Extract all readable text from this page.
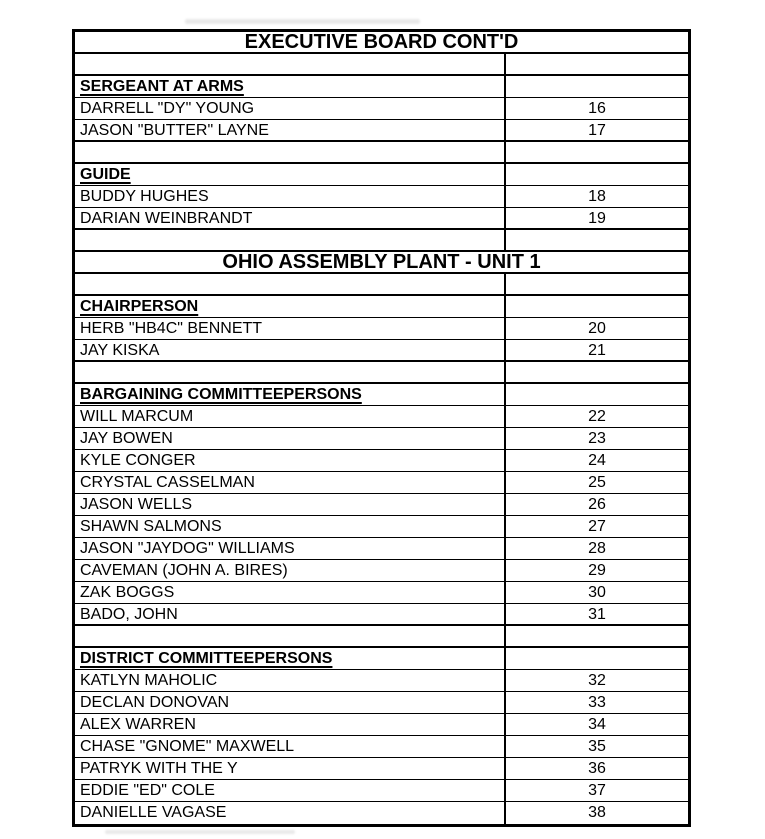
EXECUTIVE BOARD CONT'D
SERGEANT AT ARMS
DARRELL "DY" YOUNG	16
JASON "BUTTER" LAYNE	17
GUIDE
BUDDY HUGHES	18
DARIAN WEINBRANDT	19
OHIO ASSEMBLY PLANT - UNIT 1
CHAIRPERSON
HERB "HB4C" BENNETT	20
JAY KISKA	21
BARGAINING COMMITTEEPERSONS
WILL MARCUM	22
JAY BOWEN	23
KYLE CONGER	24
CRYSTAL CASSELMAN	25
JASON WELLS	26
SHAWN SALMONS	27
JASON "JAYDOG" WILLIAMS	28
CAVEMAN (JOHN A. BIRES)	29
ZAK BOGGS	30
BADO, JOHN	31
DISTRICT COMMITTEEPERSONS
KATLYN MAHOLIC	32
DECLAN DONOVAN	33
ALEX WARREN	34
CHASE "GNOME" MAXWELL	35
PATRYK WITH THE Y	36
EDDIE "ED" COLE	37
DANIELLE VAGASE	38
